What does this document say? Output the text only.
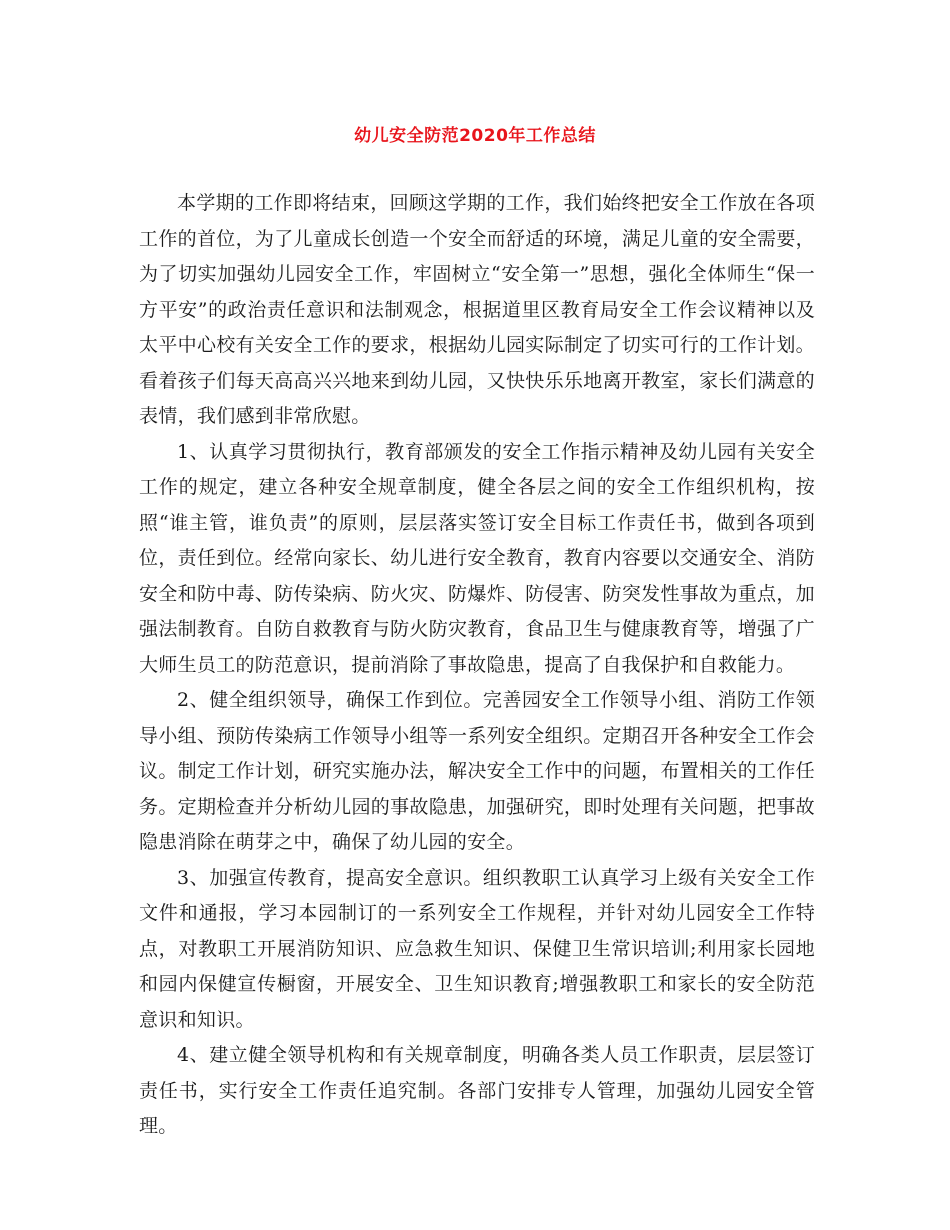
幼儿安全防范2020年工作总结

本学期的工作即将结束，回顾这学期的工作，我们始终把安全工作放在各项工作的首位，为了儿童成长创造一个安全而舒适的环境，满足儿童的安全需要，为了切实加强幼儿园安全工作，牢固树立“安全第一”思想，强化全体师生“保一方平安”的政治责任意识和法制观念，根据道里区教育局安全工作会议精神以及太平中心校有关安全工作的要求，根据幼儿园实际制定了切实可行的工作计划。看着孩子们每天高高兴兴地来到幼儿园，又快快乐乐地离开教室，家长们满意的表情，我们感到非常欣慰。

1、认真学习贯彻执行，教育部颁发的安全工作指示精神及幼儿园有关安全工作的规定，建立各种安全规章制度，健全各层之间的安全工作组织机构，按照“谁主管，谁负责”的原则，层层落实签订安全目标工作责任书，做到各项到位，责任到位。经常向家长、幼儿进行安全教育，教育内容要以交通安全、消防安全和防中毒、防传染病、防火灾、防爆炸、防侵害、防突发性事故为重点，加强法制教育。自防自救教育与防火防灾教育，食品卫生与健康教育等，增强了广大师生员工的防范意识，提前消除了事故隐患，提高了自我保护和自救能力。

2、健全组织领导，确保工作到位。完善园安全工作领导小组、消防工作领导小组、预防传染病工作领导小组等一系列安全组织。定期召开各种安全工作会议。制定工作计划，研究实施办法，解决安全工作中的问题，布置相关的工作任务。定期检查并分析幼儿园的事故隐患，加强研究，即时处理有关问题，把事故隐患消除在萌芽之中，确保了幼儿园的安全。

3、加强宣传教育，提高安全意识。组织教职工认真学习上级有关安全工作文件和通报，学习本园制订的一系列安全工作规程，并针对幼儿园安全工作特点，对教职工开展消防知识、应急救生知识、保健卫生常识培训;利用家长园地和园内保健宣传橱窗，开展安全、卫生知识教育;增强教职工和家长的安全防范意识和知识。

4、建立健全领导机构和有关规章制度，明确各类人员工作职责，层层签订责任书，实行安全工作责任追究制。各部门安排专人管理，加强幼儿园安全管理。
